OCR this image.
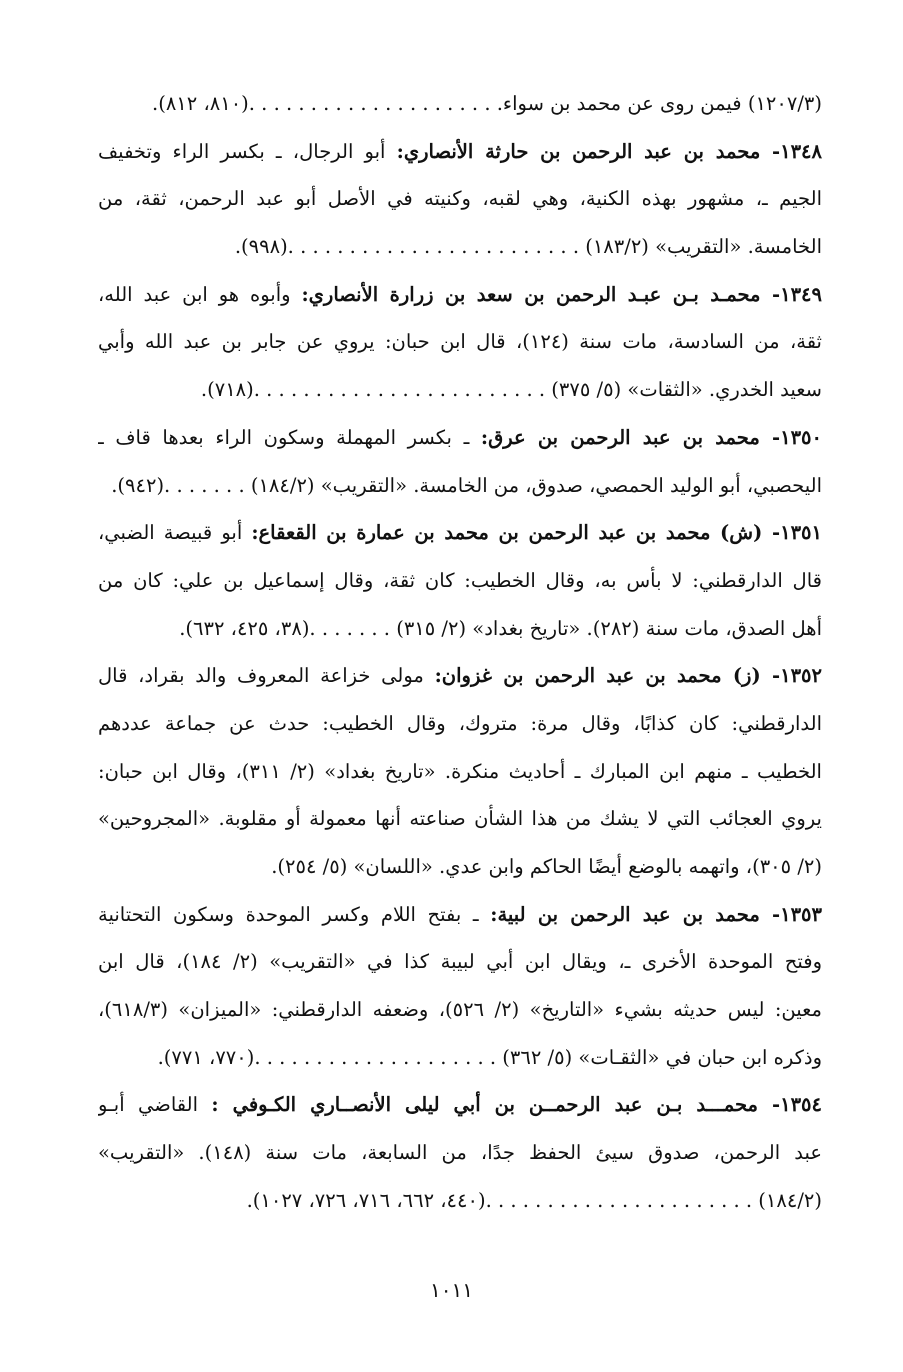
(١٢٠٧/٣) فيمن روى عن محمد بن سواء. . . . . . . . . . . . . . . . . . . . .(٨١٠، ٨١٢).
١٣٤٨- محمد بن عبد الرحمن بن حارثة الأنصاري: أبو الرجال، ـ بكسر الراء وتخفيف
الجيم ـ، مشهور بهذه الكنية، وهي لقبه، وكنيته في الأصل أبو عبد الرحمن، ثقة، من
الخامسة. «التقريب» (١٨٣/٢) . . . . . . . . . . . . . . . . . . . . . . . .(٩٩٨).
١٣٤٩- محمـد بـن عبـد الرحمن بن سعد بن زرارة الأنصاري: وأبوه هو ابن عبد الله،
ثقة، من السادسة، مات سنة (١٢٤)، قال ابن حبان: يروي عن جابر بن عبد الله وأبي
سعيد الخدري. «الثقات» (٥/ ٣٧٥) . . . . . . . . . . . . . . . . . . . . . . . .(٧١٨).
١٣٥٠- محمد بن عبد الرحمن بن عرق: ـ بكسر المهملة وسكون الراء بعدها قاف ـ
اليحصبي، أبو الوليد الحمصي، صدوق، من الخامسة. «التقريب» (١٨٤/٢) . . . . . . .(٩٤٢).
١٣٥١- (ش) محمد بن عبد الرحمن بن محمد بن عمارة بن القعقاع: أبو قبيصة الضبي،
قال الدارقطني: لا بأس به، وقال الخطيب: كان ثقة، وقال إسماعيل بن علي: كان من
أهل الصدق، مات سنة (٢٨٢). «تاريخ بغداد» (٢/ ٣١٥) . . . . . . .(٣٨، ٤٢٥، ٦٣٢).
١٣٥٢- (ز) محمد بن عبد الرحمن بن غزوان: مولى خزاعة المعروف والد بقراد، قال
الدارقطني: كان كذابًا، وقال مرة: متروك، وقال الخطيب: حدث عن جماعة عددهم
الخطيب ـ منهم ابن المبارك ـ أحاديث منكرة. «تاريخ بغداد» (٢/ ٣١١)، وقال ابن حبان:
يروي العجائب التي لا يشك من هذا الشأن صناعته أنها معمولة أو مقلوبة. «المجروحين»
(٢/ ٣٠٥)، واتهمه بالوضع أيضًا الحاكم وابن عدي. «اللسان» (٥/ ٢٥٤).
١٣٥٣- محمد بن عبد الرحمن بن لبية: ـ بفتح اللام وكسر الموحدة وسكون التحتانية
وفتح الموحدة الأخرى ـ، ويقال ابن أبي لبيبة كذا في «التقريب» (٢/ ١٨٤)، قال ابن
معين: ليس حديثه بشيء «التاريخ» (٢/ ٥٢٦)، وضعفه الدارقطني: «الميزان» (٦١٨/٣)،
وذكره ابن حبان في «الثقـات» (٥/ ٣٦٢) . . . . . . . . . . . . . . . . . . . .(٧٧٠، ٧٧١).
١٣٥٤- محمـــد بـن عبد الرحمــن بن أبي ليلى الأنصــاري الكـوفي : القاضي أبـو
عبد الرحمن، صدوق سيئ الحفظ جدًا، من السابعة، مات سنة (١٤٨). «التقريب»
(١٨٤/٢) . . . . . . . . . . . . . . . . . . . . . .(٤٤٠، ٦٦٢، ٧١٦، ٧٢٦، ١٠٢٧).
١٠١١
